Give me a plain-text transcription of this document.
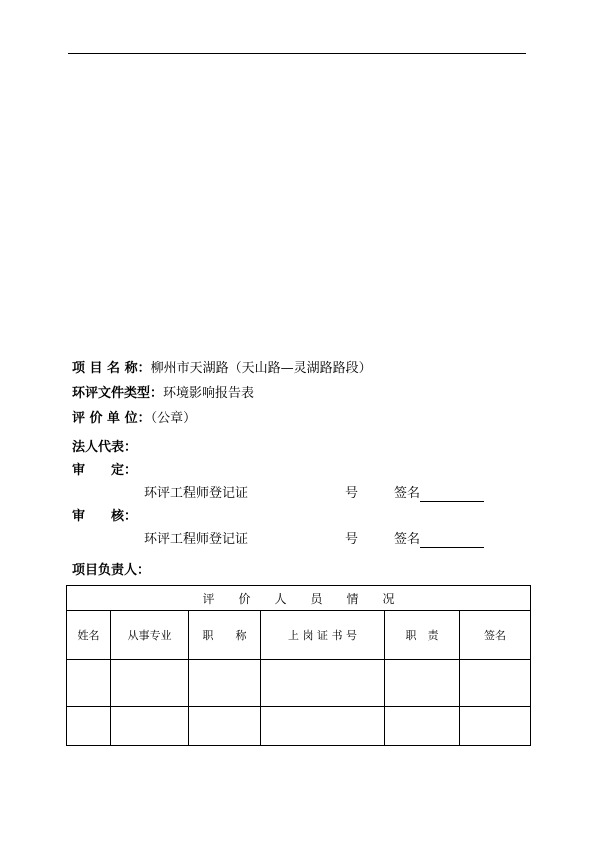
项 目 名 称：柳州市天湖路（天山路—灵湖路路段）
环评文件类型：环境影响报告表
评 价 单 位：（公章）
法人代表：
审　　定：
环评工程师登记证	号	签名
审　　核：
环评工程师登记证	号	签名
项目负责人：
评　　价　　人　　员　　情　　况					
姓名	从事专业	职　　称	上 岗 证 书 号	职　责	签名
